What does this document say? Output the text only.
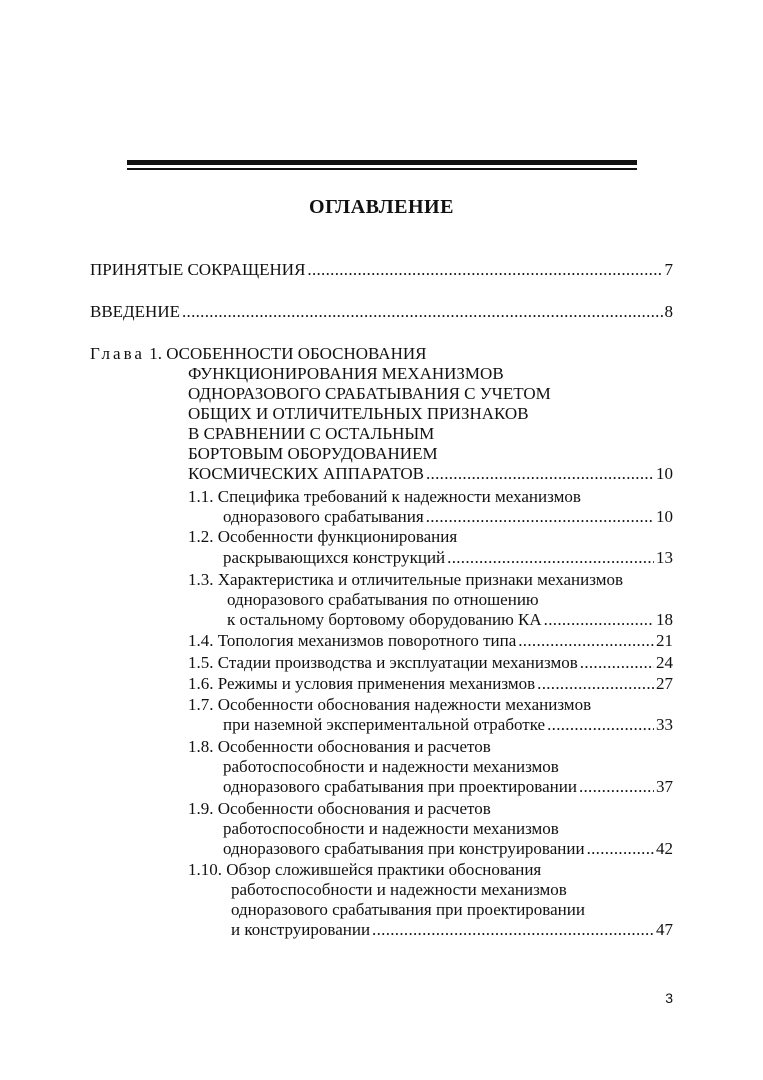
ОГЛАВЛЕНИЕ
ПРИНЯТЫЕ СОКРАЩЕНИЯ .....	7
ВВЕДЕНИЕ .....	8
Глава 1. ОСОБЕННОСТИ ОБОСНОВАНИЯ
ФУНКЦИОНИРОВАНИЯ МЕХАНИЗМОВ
ОДНОРАЗОВОГО СРАБАТЫВАНИЯ С УЧЕТОМ
ОБЩИХ И ОТЛИЧИТЕЛЬНЫХ ПРИЗНАКОВ
В СРАВНЕНИИ С ОСТАЛЬНЫМ
БОРТОВЫМ ОБОРУДОВАНИЕМ
КОСМИЧЕСКИХ АППАРАТОВ .....	10
1.1. Специфика требований к надежности механизмов
одноразового срабатывания .....	10
1.2. Особенности функционирования
раскрывающихся конструкций .....	13
1.3. Характеристика и отличительные признаки механизмов
одноразового срабатывания по отношению
к остальному бортовому оборудованию КА .....	18
1.4. Топология механизмов поворотного типа .....	21
1.5. Стадии производства и эксплуатации механизмов .....	24
1.6. Режимы и условия применения механизмов .....	27
1.7. Особенности обоснования надежности механизмов
при наземной экспериментальной отработке .....	33
1.8. Особенности обоснования и расчетов
работоспособности и надежности механизмов
одноразового срабатывания при проектировании .....	37
1.9. Особенности обоснования и расчетов
работоспособности и надежности механизмов
одноразового срабатывания при конструировании .....	42
1.10. Обзор сложившейся практики обоснования
работоспособности и надежности механизмов
одноразового срабатывания при проектировании
и конструировании .....	47
3
